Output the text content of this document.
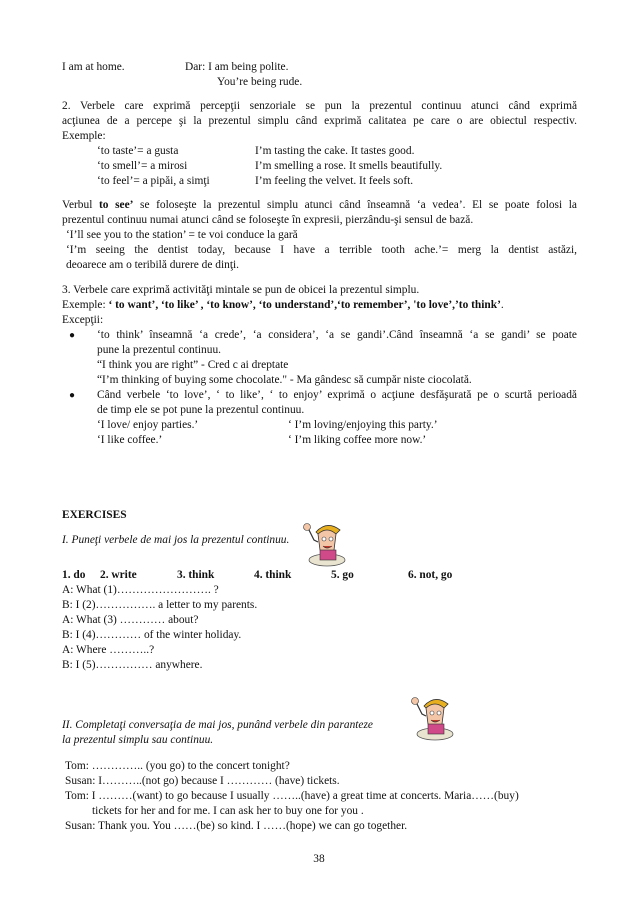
I am at home.	Dar: I am being polite.
You’re being rude.
2. Verbele care exprimă percepţii senzoriale se pun la prezentul continuu atunci când exprimă
acţiunea de a percepe şi la prezentul simplu când exprimă calitatea pe care o are obiectul respectiv.
Exemple:
‘to taste’= a gusta	I’m tasting the cake. It tastes good.
‘to smell’= a mirosi	I’m smelling a rose. It smells beautifully.
‘to feel’= a pipăi, a simţi	I’m feeling the velvet. It feels soft.
Verbul to see’ se foloseşte la prezentul simplu atunci când înseamnă ‘a vedea’. El se poate folosi la
prezentul continuu numai atunci când se foloseşte în expresii, pierzându-şi sensul de bază.
‘I’ll see you to the station’ = te voi conduce la gară
‘I’m seeing the dentist today, because I have a terrible tooth ache.’= merg la dentist astăzi,
deoarece am o teribilă durere de dinţi.
3. Verbele care exprimă activităţi mintale se pun de obicei la prezentul simplu.
Exemple: ‘ to want’, ‘to like’ , ‘to know’, ‘to understand’,‘to remember’, 'to love’,’to think’.
Excepţii:
● ‘to think’ înseamnă ‘a crede’, ‘a considera’, ‘a se gandi’.Când înseamnă ‘a se gandi’ se poate
pune la prezentul continuu.
“I think you are right” - Cred c ai dreptate
“I’m thinking of buying some chocolate." - Ma gândesc să cumpăr niste ciocolată.
● Când verbele ‘to love’, ‘ to like’, ‘ to enjoy’ exprimă o acţiune desfăşurată pe o scurtă perioadă
de timp ele se pot pune la prezentul continuu.
‘I love/ enjoy parties.’	‘ I’m loving/enjoying this party.’
‘I like coffee.’	‘ I’m liking coffee more now.’
EXERCISES
I. Puneţi verbele de mai jos la prezentul continuu.
1. do 2. write	3. think	4. think	5. go	6. not, go
A: What (1)……………………. ?
B: I (2)……………. a letter to my parents.
A: What (3) ………… about?
B: I (4)………… of the winter holiday.
A: Where ………..?
B: I (5)…………… anywhere.
II. Completaţi conversaţia de mai jos, punând verbele din paranteze
la prezentul simplu sau continuu.
Tom: ………….. (you go) to the concert tonight?
Susan: I………..(not go) because I ………… (have) tickets.
Tom: I ………(want) to go because I usually ……..(have) a great time at concerts. Maria……(buy)
tickets for her and for me. I can ask her to buy one for you .
Susan: Thank you. You ……(be) so kind. I ……(hope) we can go together.
38
